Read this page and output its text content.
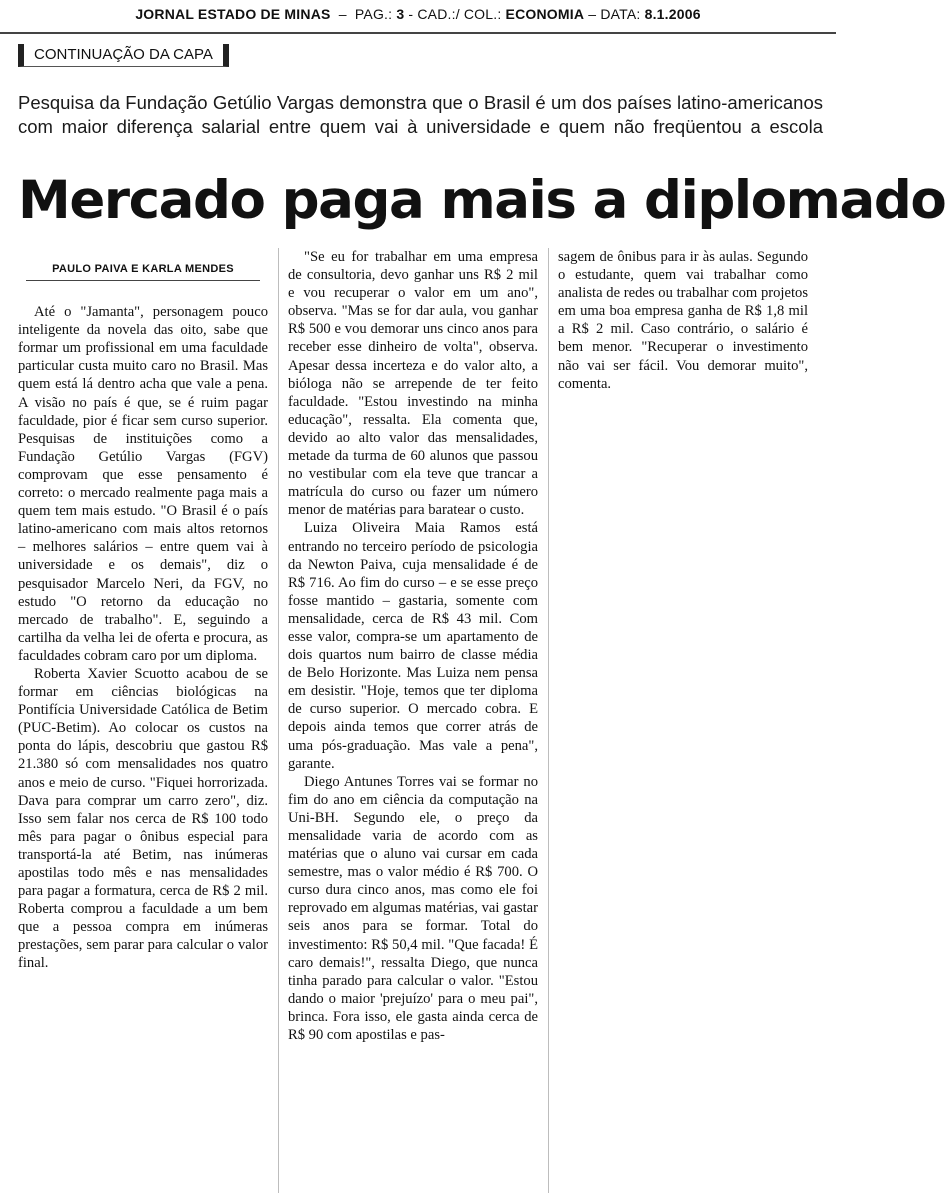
JORNAL ESTADO DE MINAS  –  PAG.: 3 - CAD.:/ COL.: ECONOMIA – DATA: 8.1.2006
CONTINUAÇÃO DA CAPA
Pesquisa da Fundação Getúlio Vargas demonstra que o Brasil é um dos países latino-americanos
com maior diferença salarial entre quem vai à universidade e quem não freqüentou a escola
Mercado paga mais a diplomado
PAULO PAIVA E KARLA MENDES

Até o "Jamanta", personagem pouco inteligente da novela das oito, sabe que formar um profissional em uma faculdade particular custa muito caro no Brasil. Mas quem está lá dentro acha que vale a pena. A visão no país é que, se é ruim pagar faculdade, pior é ficar sem curso superior. Pesquisas de instituições como a Fundação Getúlio Vargas (FGV) comprovam que esse pensamento é correto: o mercado realmente paga mais a quem tem mais estudo. "O Brasil é o país latino-americano com mais altos retornos – melhores salários – entre quem vai à universidade e os demais", diz o pesquisador Marcelo Neri, da FGV, no estudo "O retorno da educação no mercado de trabalho". E, seguindo a cartilha da velha lei de oferta e procura, as faculdades cobram caro por um diploma.

Roberta Xavier Scuotto acabou de se formar em ciências biológicas na Pontifícia Universidade Católica de Betim (PUC-Betim). Ao colocar os custos na ponta do lápis, descobriu que gastou R$ 21.380 só com mensalidades nos quatro anos e meio de curso. "Fiquei horrorizada. Dava para comprar um carro zero", diz. Isso sem falar nos cerca de R$ 100 todo mês para pagar o ônibus especial para transportá-la até Betim, nas inúmeras apostilas todo mês e nas mensalidades para pagar a formatura, cerca de R$ 2 mil. Roberta comprou a faculdade a um bem que a pessoa compra em inúmeras prestações, sem parar para calcular o valor final.

"Se eu for trabalhar em uma empresa de consultoria, devo ganhar uns R$ 2 mil e vou recuperar o valor em um ano", observa. "Mas se for dar aula, vou ganhar R$ 500 e vou demorar uns cinco anos para receber esse dinheiro de volta", observa. Apesar dessa incerteza e do valor alto, a bióloga não se arrepende de ter feito faculdade. "Estou investindo na minha educação", ressalta. Ela comenta que, devido ao alto valor das mensalidades, metade da turma de 60 alunos que passou no vestibular com ela teve que trancar a matrícula do curso ou fazer um número menor de matérias para baratear o custo.

Luiza Oliveira Maia Ramos está entrando no terceiro período de psicologia da Newton Paiva, cuja mensalidade é de R$ 716. Ao fim do curso – e se esse preço fosse mantido – gastaria, somente com mensalidade, cerca de R$ 43 mil. Com esse valor, compra-se um apartamento de dois quartos num bairro de classe média de Belo Horizonte. Mas Luiza nem pensa em desistir. "Hoje, temos que ter diploma de curso superior. O mercado cobra. E depois ainda temos que correr atrás de uma pós-graduação. Mas vale a pena", garante.

Diego Antunes Torres vai se formar no fim do ano em ciência da computação na Uni-BH. Segundo ele, o preço da mensalidade varia de acordo com as matérias que o aluno vai cursar em cada semestre, mas o valor médio é R$ 700. O curso dura cinco anos, mas como ele foi reprovado em algumas matérias, vai gastar seis anos para se formar. Total do investimento: R$ 50,4 mil. "Que facada! É caro demais!", ressalta Diego, que nunca tinha parado para calcular o valor. "Estou dando o maior 'prejuízo' para o meu pai", brinca. Fora isso, ele gasta ainda cerca de R$ 90 com apostilas e pas-

sagem de ônibus para ir às aulas. Segundo o estudante, quem vai trabalhar como analista de redes ou trabalhar com projetos em uma boa empresa ganha de R$ 1,8 mil a R$ 2 mil. Caso contrário, o salário é bem menor. "Recuperar o investimento não vai ser fácil. Vou demorar muito", comenta.
